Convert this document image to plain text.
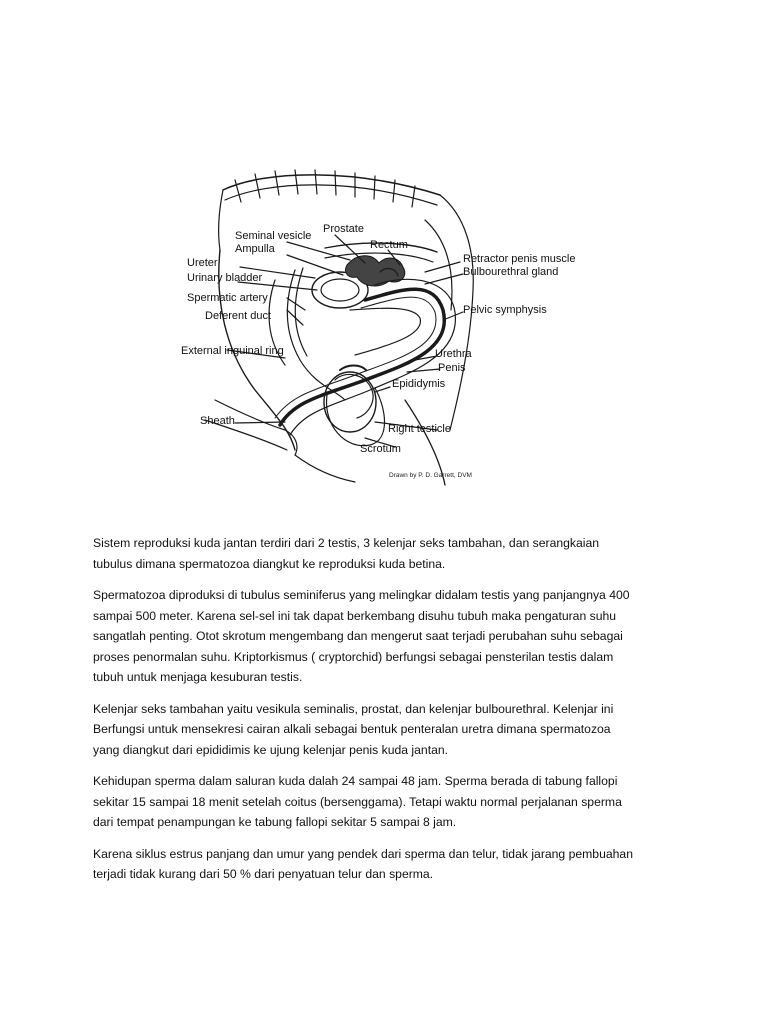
Seminal vesicle
Prostate
Ampulla	Rectum
Ureter
Urinary bladder
Retractor penis muscle
Bulbourethral gland
Spermatic artery
Deferent duct	Pelvic symphysis
External inguinal ring	Urethra
Penis
Epididymis
Sheath
Right testicle
Scrotum
Drawn by P. D. Garrett, DVM

Sistem reproduksi kuda jantan terdiri dari 2 testis, 3 kelenjar seks tambahan, dan serangkaian
tubulus dimana spermatozoa diangkut ke reproduksi kuda betina.

Spermatozoa diproduksi di tubulus seminiferus yang melingkar didalam testis yang panjangnya 400
sampai 500 meter. Karena sel-sel ini tak dapat berkembang disuhu tubuh maka pengaturan suhu
sangatlah penting. Otot skrotum mengembang dan mengerut saat terjadi perubahan suhu sebagai
proses penormalan suhu. Kriptorkismus ( cryptorchid) berfungsi sebagai pensterilan testis dalam
tubuh untuk menjaga kesuburan testis.

Kelenjar seks tambahan yaitu vesikula seminalis, prostat, dan kelenjar bulbourethral. Kelenjar ini
Berfungsi untuk mensekresi cairan alkali sebagai bentuk penteralan uretra dimana spermatozoa
yang diangkut dari epididimis ke ujung kelenjar penis kuda jantan.

Kehidupan sperma dalam saluran kuda dalah 24 sampai 48 jam. Sperma berada di tabung fallopi
sekitar 15 sampai 18 menit setelah coitus (bersenggama). Tetapi waktu normal perjalanan sperma
dari tempat penampungan ke tabung fallopi sekitar 5 sampai 8 jam.

Karena siklus estrus panjang dan umur yang pendek dari sperma dan telur, tidak jarang pembuahan
terjadi tidak kurang dari 50 % dari penyatuan telur dan sperma.
